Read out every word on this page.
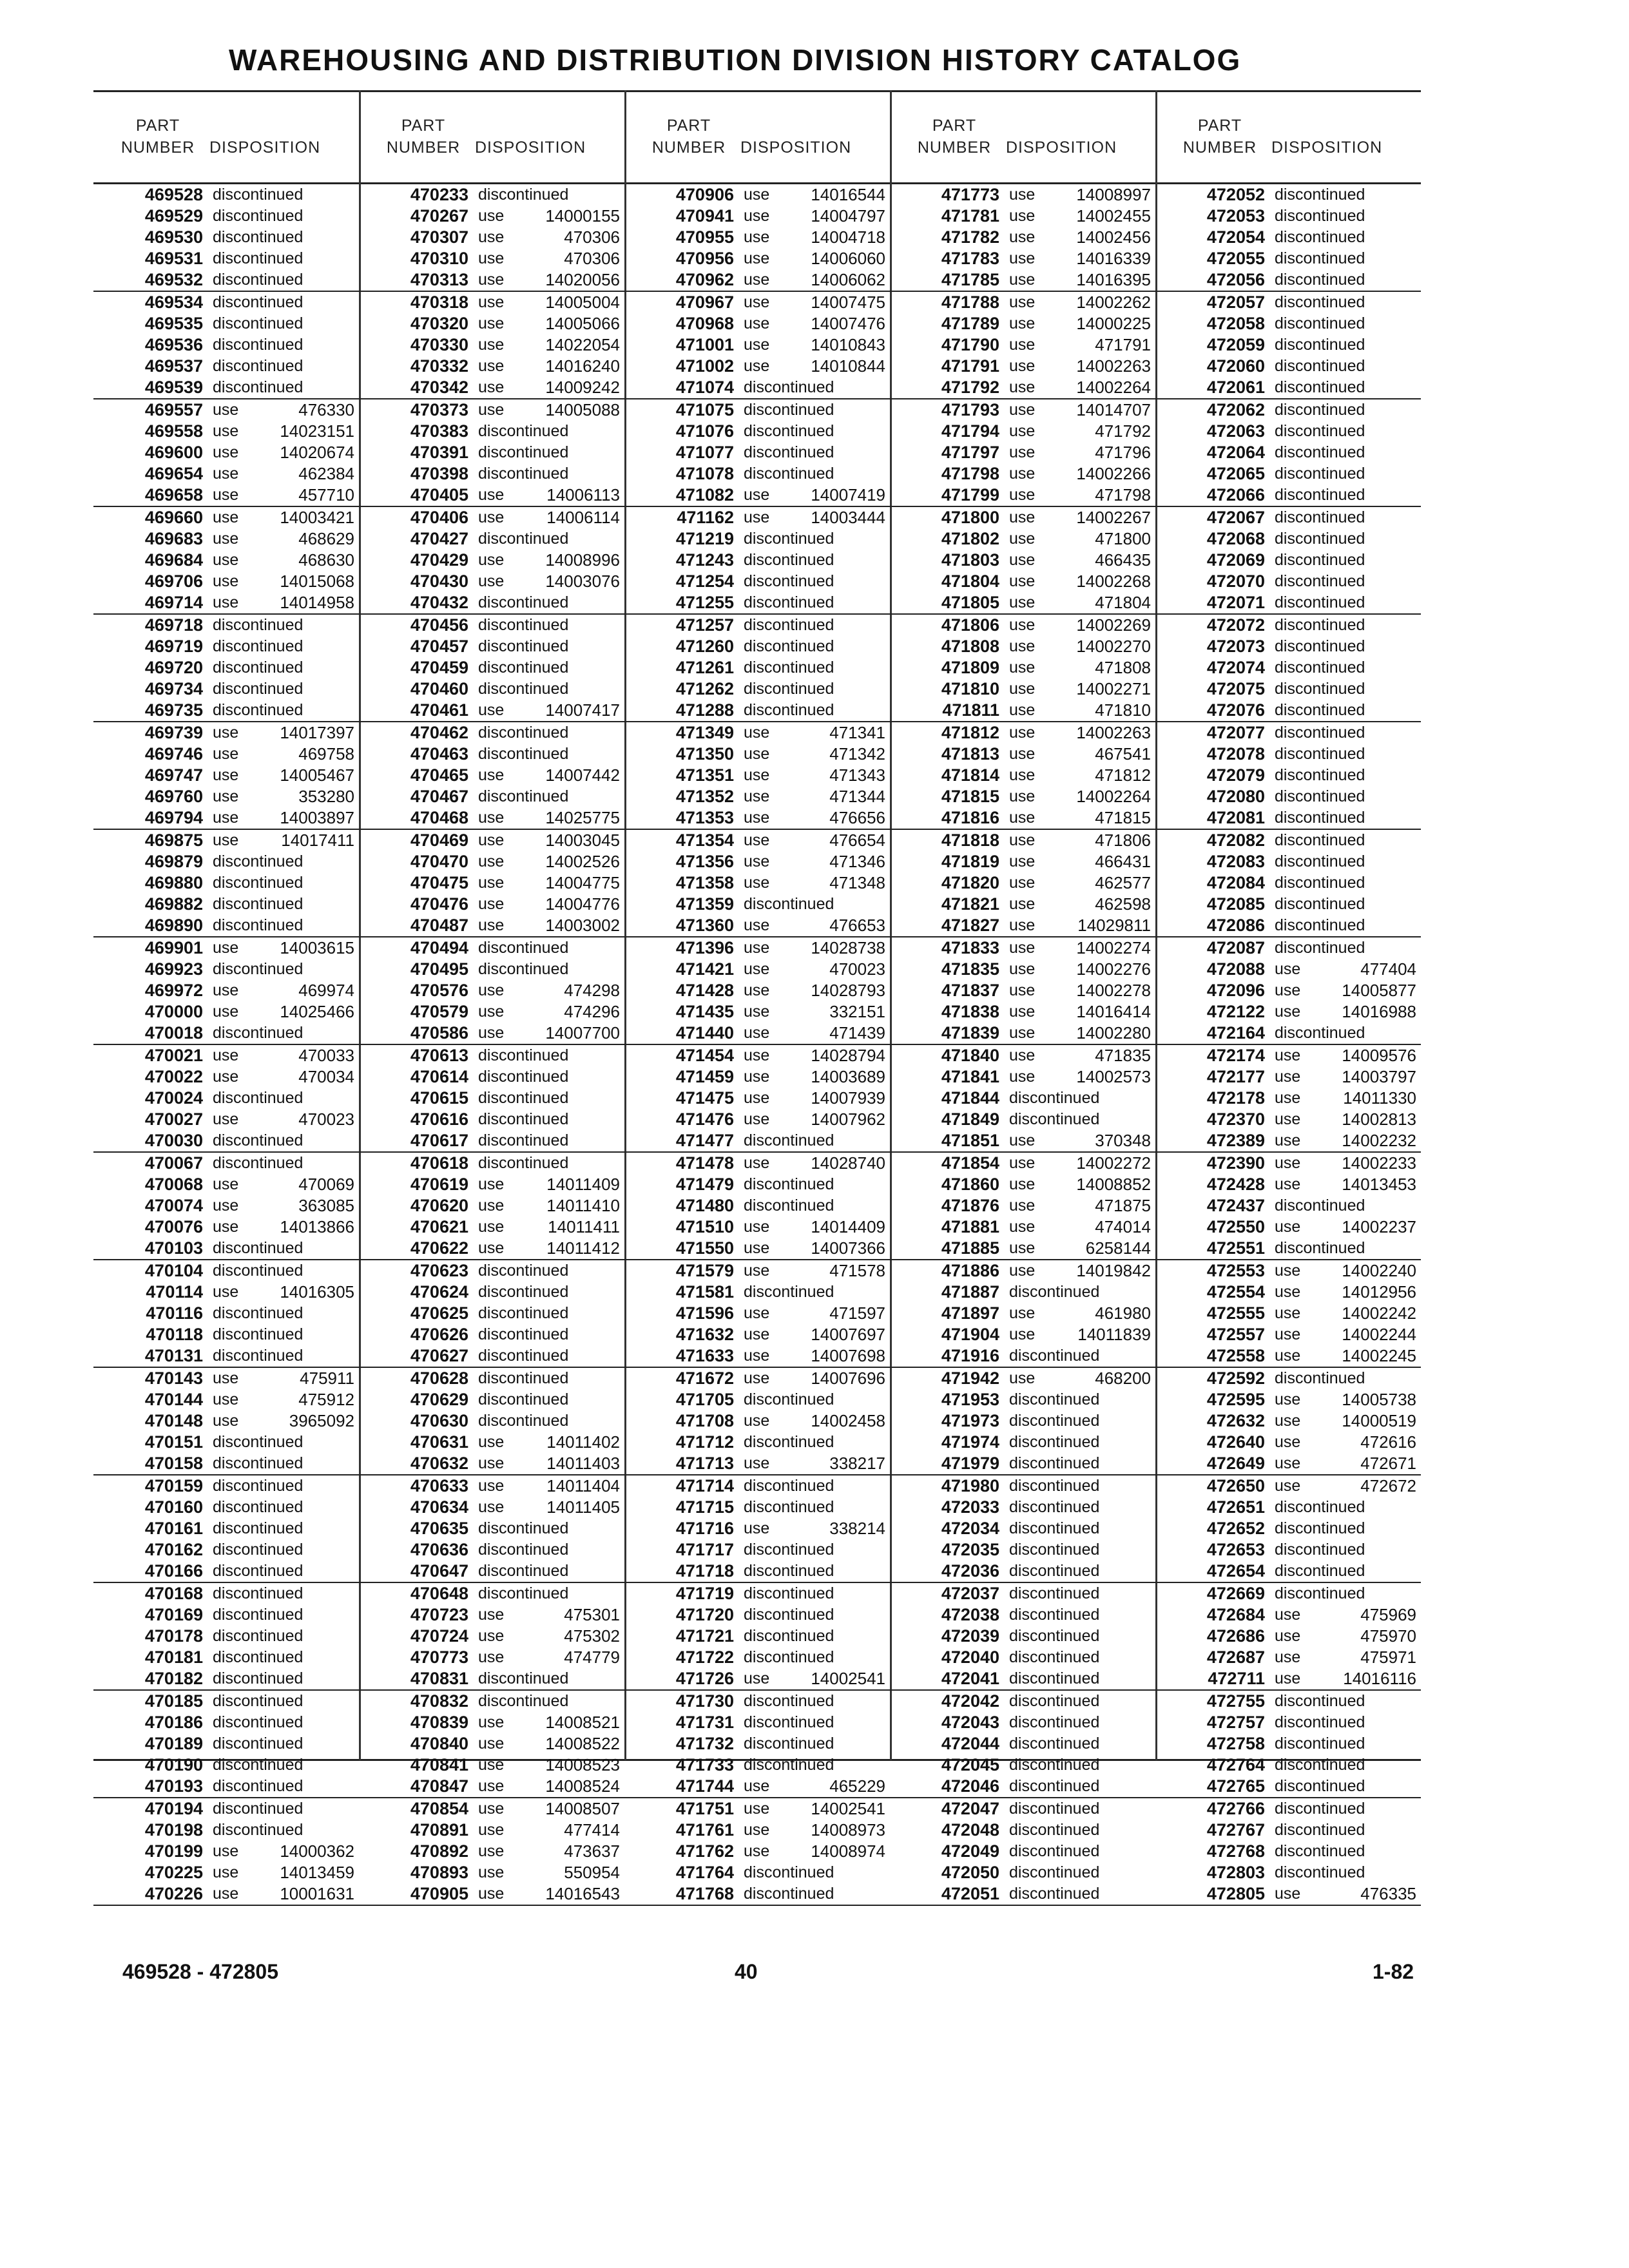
WAREHOUSING AND DISTRIBUTION DIVISION HISTORY CATALOG
PART
NUMBER DISPOSITION
469528 discontinued
469529 discontinued
469530 discontinued
469531 discontinued
469532 discontinued
469534 discontinued
469535 discontinued
469536 discontinued
469537 discontinued
469539 discontinued
469557 use	476330
469558 use	14023151
469600 use	14020674
469654 use	462384
469658 use	457710
469660 use	14003421
469683 use	468629
469684 use	468630
469706 use	14015068
469714 use	14014958
469718 discontinued
469719 discontinued
469720 discontinued
469734 discontinued
469735 discontinued
469739 use	14017397
469746 use	469758
469747 use	14005467
469760 use	353280
469794 use	14003897
469875 use	14017411
469879 discontinued
469880 discontinued
469882 discontinued
469890 discontinued
469901 use	14003615
469923 discontinued
469972 use	469974
470000 use	14025466
470018 discontinued
470021 use	470033
470022 use	470034
470024 discontinued
470027 use	470023
470030 discontinued
470067 discontinued
470068 use	470069
470074 use	363085
470076 use	14013866
470103 discontinued
470104 discontinued
470114 use	14016305
470116 discontinued
470118 discontinued
470131 discontinued
470143 use	475911
470144 use	475912
470148 use	3965092
470151 discontinued
470158 discontinued
470159 discontinued
470160 discontinued
470161 discontinued
470162 discontinued
470166 discontinued
470168 discontinued
470169 discontinued
470178 discontinued
470181 discontinued
470182 discontinued
470185 discontinued
470186 discontinued
470189 discontinued
470190 discontinued
470193 discontinued
470194 discontinued
470198 discontinued
470199 use	14000362
470225 use	14013459
470226 use	10001631
PART
NUMBER DISPOSITION
470233 discontinued
470267 use	14000155
470307 use	470306
470310 use	470306
470313 use	14020056
470318 use	14005004
470320 use	14005066
470330 use	14022054
470332 use	14016240
470342 use	14009242
470373 use	14005088
470383 discontinued
470391 discontinued
470398 discontinued
470405 use	14006113
470406 use	14006114
470427 discontinued
470429 use	14008996
470430 use	14003076
470432 discontinued
470456 discontinued
470457 discontinued
470459 discontinued
470460 discontinued
470461 use	14007417
470462 discontinued
470463 discontinued
470465 use	14007442
470467 discontinued
470468 use	14025775
470469 use	14003045
470470 use	14002526
470475 use	14004775
470476 use	14004776
470487 use	14003002
470494 discontinued
470495 discontinued
470576 use	474298
470579 use	474296
470586 use	14007700
470613 discontinued
470614 discontinued
470615 discontinued
470616 discontinued
470617 discontinued
470618 discontinued
470619 use	14011409
470620 use	14011410
470621 use	14011411
470622 use	14011412
470623 discontinued
470624 discontinued
470625 discontinued
470626 discontinued
470627 discontinued
470628 discontinued
470629 discontinued
470630 discontinued
470631 use	14011402
470632 use	14011403
470633 use	14011404
470634 use	14011405
470635 discontinued
470636 discontinued
470647 discontinued
470648 discontinued
470723 use	475301
470724 use	475302
470773 use	474779
470831 discontinued
470832 discontinued
470839 use	14008521
470840 use	14008522
470841 use	14008523
470847 use	14008524
470854 use	14008507
470891 use	477414
470892 use	473637
470893 use	550954
470905 use	14016543
PART
NUMBER DISPOSITION
470906 use	14016544
470941 use	14004797
470955 use	14004718
470956 use	14006060
470962 use	14006062
470967 use	14007475
470968 use	14007476
471001 use	14010843
471002 use	14010844
471074 discontinued
471075 discontinued
471076 discontinued
471077 discontinued
471078 discontinued
471082 use	14007419
471162 use	14003444
471219 discontinued
471243 discontinued
471254 discontinued
471255 discontinued
471257 discontinued
471260 discontinued
471261 discontinued
471262 discontinued
471288 discontinued
471349 use	471341
471350 use	471342
471351 use	471343
471352 use	471344
471353 use	476656
471354 use	476654
471356 use	471346
471358 use	471348
471359 discontinued
471360 use	476653
471396 use	14028738
471421 use	470023
471428 use	14028793
471435 use	332151
471440 use	471439
471454 use	14028794
471459 use	14003689
471475 use	14007939
471476 use	14007962
471477 discontinued
471478 use	14028740
471479 discontinued
471480 discontinued
471510 use	14014409
471550 use	14007366
471579 use	471578
471581 discontinued
471596 use	471597
471632 use	14007697
471633 use	14007698
471672 use	14007696
471705 discontinued
471708 use	14002458
471712 discontinued
471713 use	338217
471714 discontinued
471715 discontinued
471716 use	338214
471717 discontinued
471718 discontinued
471719 discontinued
471720 discontinued
471721 discontinued
471722 discontinued
471726 use	14002541
471730 discontinued
471731 discontinued
471732 discontinued
471733 discontinued
471744 use	465229
471751 use	14002541
471761 use	14008973
471762 use	14008974
471764 discontinued
471768 discontinued
PART
NUMBER DISPOSITION
471773 use	14008997
471781 use	14002455
471782 use	14002456
471783 use	14016339
471785 use	14016395
471788 use	14002262
471789 use	14000225
471790 use	471791
471791 use	14002263
471792 use	14002264
471793 use	14014707
471794 use	471792
471797 use	471796
471798 use	14002266
471799 use	471798
471800 use	14002267
471802 use	471800
471803 use	466435
471804 use	14002268
471805 use	471804
471806 use	14002269
471808 use	14002270
471809 use	471808
471810 use	14002271
471811 use	471810
471812 use	14002263
471813 use	467541
471814 use	471812
471815 use	14002264
471816 use	471815
471818 use	471806
471819 use	466431
471820 use	462577
471821 use	462598
471827 use	14029811
471833 use	14002274
471835 use	14002276
471837 use	14002278
471838 use	14016414
471839 use	14002280
471840 use	471835
471841 use	14002573
471844 discontinued
471849 discontinued
471851 use	370348
471854 use	14002272
471860 use	14008852
471876 use	471875
471881 use	474014
471885 use	6258144
471886 use	14019842
471887 discontinued
471897 use	461980
471904 use	14011839
471916 discontinued
471942 use	468200
471953 discontinued
471973 discontinued
471974 discontinued
471979 discontinued
471980 discontinued
472033 discontinued
472034 discontinued
472035 discontinued
472036 discontinued
472037 discontinued
472038 discontinued
472039 discontinued
472040 discontinued
472041 discontinued
472042 discontinued
472043 discontinued
472044 discontinued
472045 discontinued
472046 discontinued
472047 discontinued
472048 discontinued
472049 discontinued
472050 discontinued
472051 discontinued
PART
NUMBER DISPOSITION
472052 discontinued
472053 discontinued
472054 discontinued
472055 discontinued
472056 discontinued
472057 discontinued
472058 discontinued
472059 discontinued
472060 discontinued
472061 discontinued
472062 discontinued
472063 discontinued
472064 discontinued
472065 discontinued
472066 discontinued
472067 discontinued
472068 discontinued
472069 discontinued
472070 discontinued
472071 discontinued
472072 discontinued
472073 discontinued
472074 discontinued
472075 discontinued
472076 discontinued
472077 discontinued
472078 discontinued
472079 discontinued
472080 discontinued
472081 discontinued
472082 discontinued
472083 discontinued
472084 discontinued
472085 discontinued
472086 discontinued
472087 discontinued
472088 use	477404
472096 use	14005877
472122 use	14016988
472164 discontinued
472174 use	14009576
472177 use	14003797
472178 use	14011330
472370 use	14002813
472389 use	14002232
472390 use	14002233
472428 use	14013453
472437 discontinued
472550 use	14002237
472551 discontinued
472553 use	14002240
472554 use	14012956
472555 use	14002242
472557 use	14002244
472558 use	14002245
472592 discontinued
472595 use	14005738
472632 use	14000519
472640 use	472616
472649 use	472671
472650 use	472672
472651 discontinued
472652 discontinued
472653 discontinued
472654 discontinued
472669 discontinued
472684 use	475969
472686 use	475970
472687 use	475971
472711 use	14016116
472755 discontinued
472757 discontinued
472758 discontinued
472764 discontinued
472765 discontinued
472766 discontinued
472767 discontinued
472768 discontinued
472803 discontinued
472805 use	476335
469528 - 472805	40	1-82
